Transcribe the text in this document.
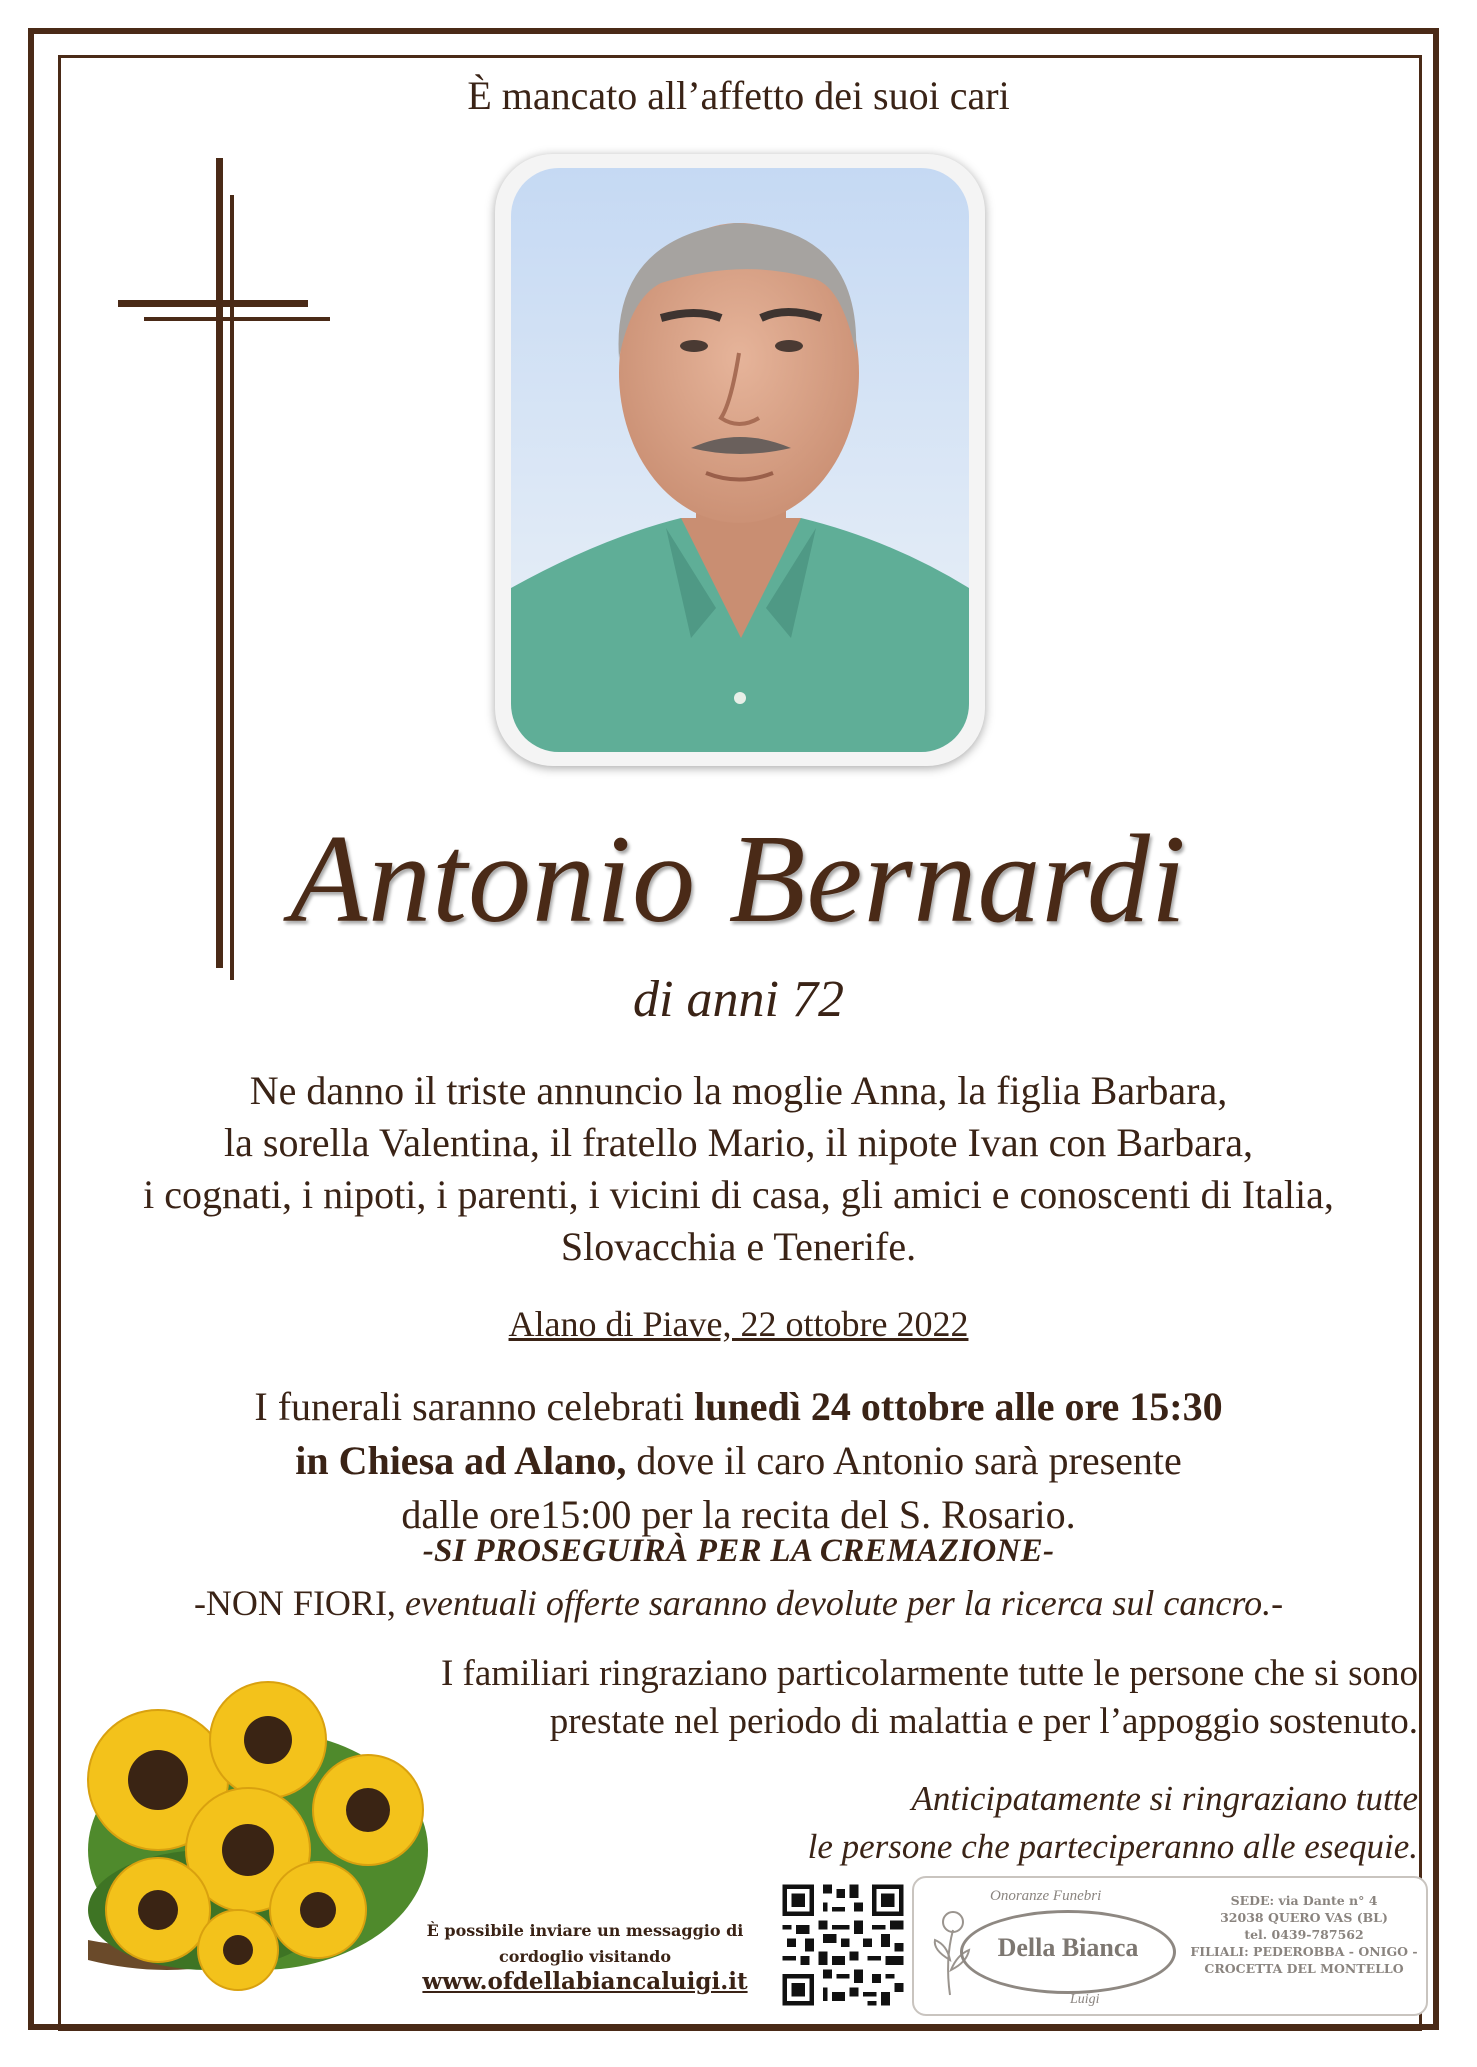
È mancato all’affetto dei suoi cari
Antonio Bernardi
di anni 72
Ne danno il triste annuncio la moglie Anna, la figlia Barbara,
la sorella Valentina, il fratello Mario, il nipote Ivan con Barbara,
i cognati, i nipoti, i parenti, i vicini di casa, gli amici e conoscenti di Italia,
Slovacchia e Tenerife.
Alano di Piave, 22 ottobre 2022
I funerali saranno celebrati lunedì 24 ottobre alle ore 15:30
in Chiesa ad Alano, dove il caro Antonio sarà presente
dalle ore15:00 per la recita del S. Rosario.
-SI PROSEGUIRÀ PER LA CREMAZIONE-
-NON FIORI, eventuali offerte saranno devolute per la ricerca sul cancro.-
I familiari ringraziano particolarmente tutte le persone che si sono
prestate nel periodo di malattia e per l’appoggio sostenuto.
Anticipatamente si ringraziano tutte
le persone che parteciperanno alle esequie.
È possibile inviare un messaggio di
cordoglio visitando
www.ofdellabiancaluigi.it
Onoranze Funebri
Della Bianca
Luigi
SEDE: via Dante n° 4
32038 QUERO VAS (BL)
tel. 0439-787562
FILIALI: PEDEROBBA - ONIGO -
CROCETTA DEL MONTELLO
